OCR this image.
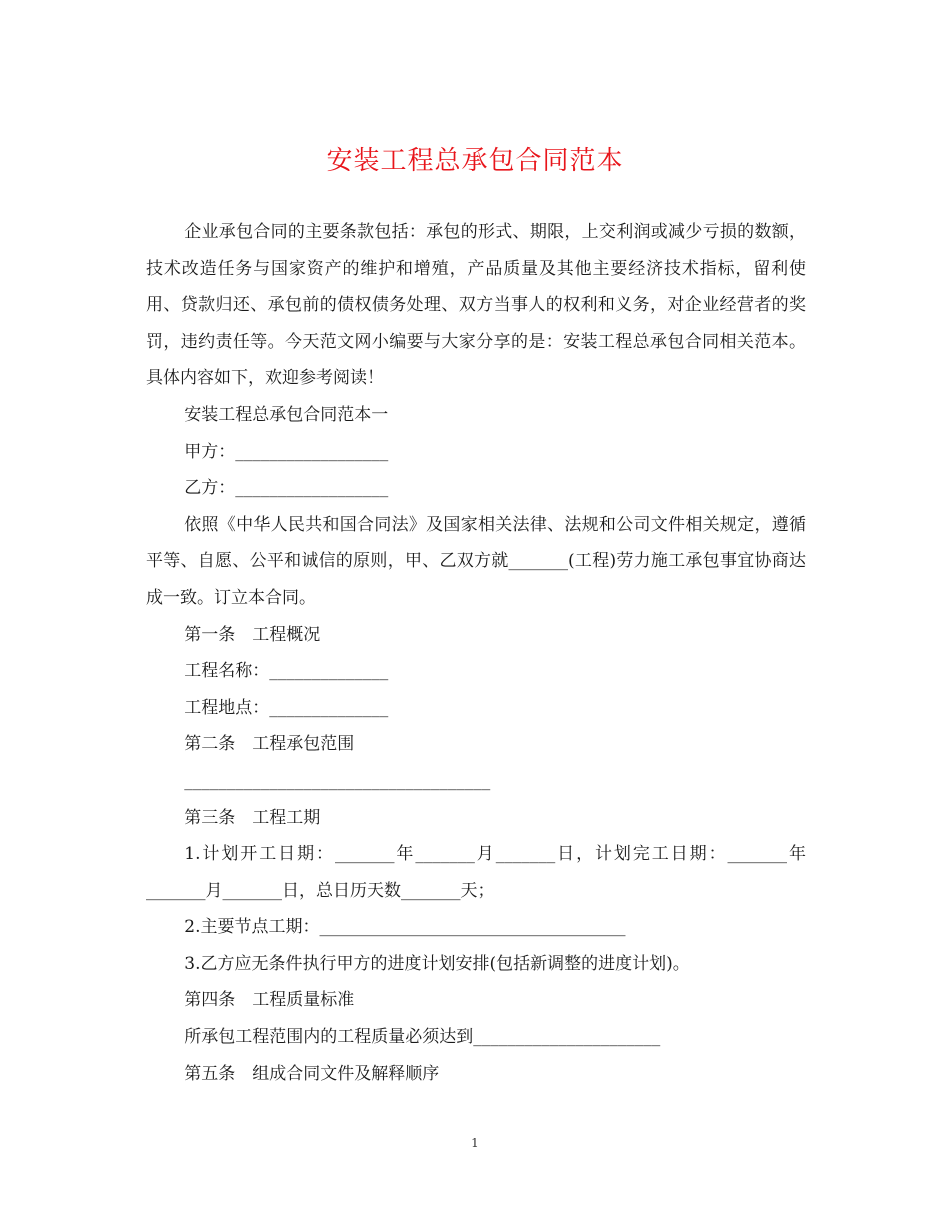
安装工程总承包合同范本

企业承包合同的主要条款包括：承包的形式、期限，上交利润或减少亏损的数额，技术改造任务与国家资产的维护和增殖，产品质量及其他主要经济技术指标，留利使用、贷款归还、承包前的债权债务处理、双方当事人的权利和义务，对企业经营者的奖罚，违约责任等。今天范文网小编要与大家分享的是：安装工程总承包合同相关范本。具体内容如下，欢迎参考阅读！

安装工程总承包合同范本一

甲方：__________________

乙方：__________________

依照《中华人民共和国合同法》及国家相关法律、法规和公司文件相关规定，遵循平等、自愿、公平和诚信的原则，甲、乙双方就_______(工程)劳力施工承包事宜协商达成一致。订立本合同。

第一条　工程概况

工程名称：______________

工程地点：______________

第二条　工程承包范围

____________________________________

第三条　工程工期

1.计划开工日期：_______年_______月_______日，计划完工日期：_______年_______月_______日，总日历天数_______天；

2.主要节点工期：____________________________________

3.乙方应无条件执行甲方的进度计划安排(包括新调整的进度计划)。

第四条　工程质量标准

所承包工程范围内的工程质量必须达到______________________

第五条　组成合同文件及解释顺序

1
